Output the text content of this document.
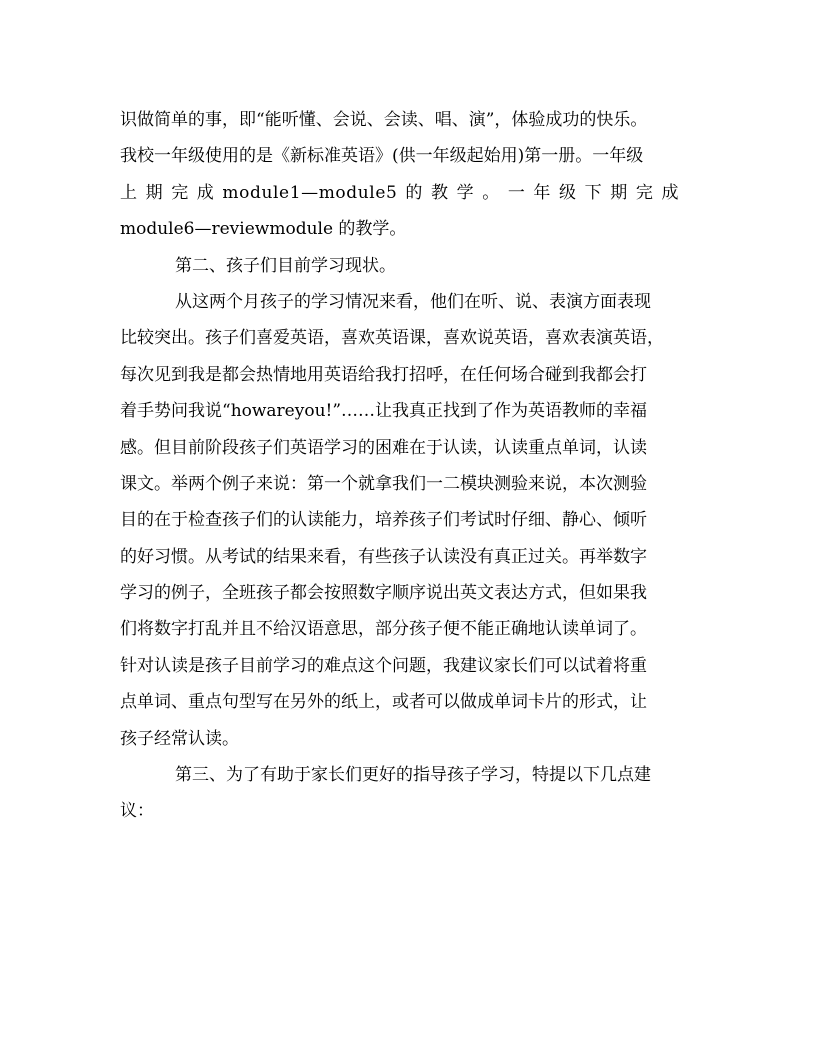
识做简单的事，即“能听懂、会说、会读、唱、演”，体验成功的快乐。
我校一年级使用的是《新标准英语》(供一年级起始用)第一册。一年级
上 期 完 成 module1—module5 的 教 学 。 一 年 级 下 期 完 成
module6—reviewmodule 的教学。
第二、孩子们目前学习现状。
从这两个月孩子的学习情况来看，他们在听、说、表演方面表现
比较突出。孩子们喜爱英语，喜欢英语课，喜欢说英语，喜欢表演英语，
每次见到我是都会热情地用英语给我打招呼，在任何场合碰到我都会打
着手势问我说“howareyou!”……让我真正找到了作为英语教师的幸福
感。但目前阶段孩子们英语学习的困难在于认读，认读重点单词，认读
课文。举两个例子来说：第一个就拿我们一二模块测验来说，本次测验
目的在于检查孩子们的认读能力，培养孩子们考试时仔细、静心、倾听
的好习惯。从考试的结果来看，有些孩子认读没有真正过关。再举数字
学习的例子，全班孩子都会按照数字顺序说出英文表达方式，但如果我
们将数字打乱并且不给汉语意思，部分孩子便不能正确地认读单词了。
针对认读是孩子目前学习的难点这个问题，我建议家长们可以试着将重
点单词、重点句型写在另外的纸上，或者可以做成单词卡片的形式，让
孩子经常认读。
第三、为了有助于家长们更好的指导孩子学习，特提以下几点建
议：
